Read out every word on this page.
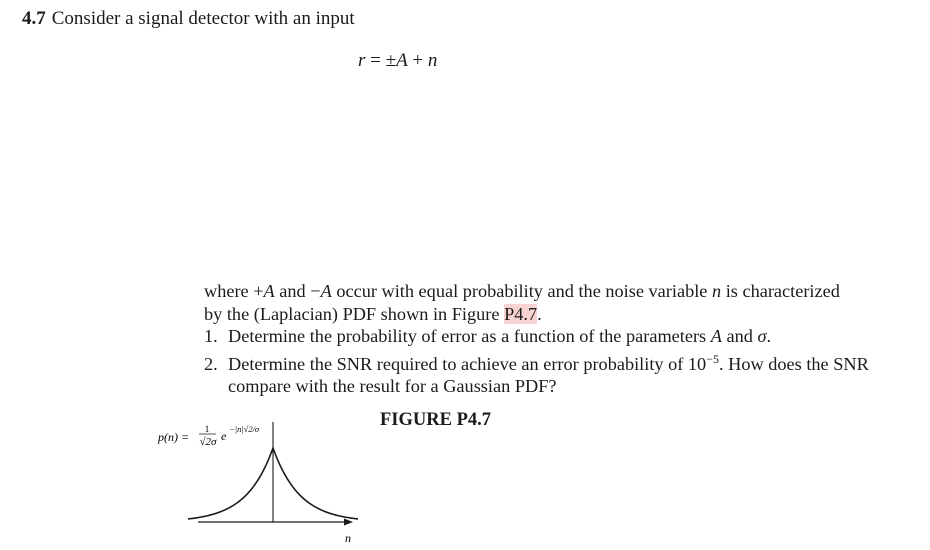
4.7 Consider a signal detector with an input
r = ±A + n
where +A and −A occur with equal probability and the noise variable n is characterized
by the (Laplacian) PDF shown in Figure P4.7.
1. Determine the probability of error as a function of the parameters A and σ.
2. Determine the SNR required to achieve an error probability of $10^{-5}$. How does the SNR
compare with the result for a Gaussian PDF?
FIGURE P4.7
p(n) =
1
√2σ e −|n|√2/σ
n
